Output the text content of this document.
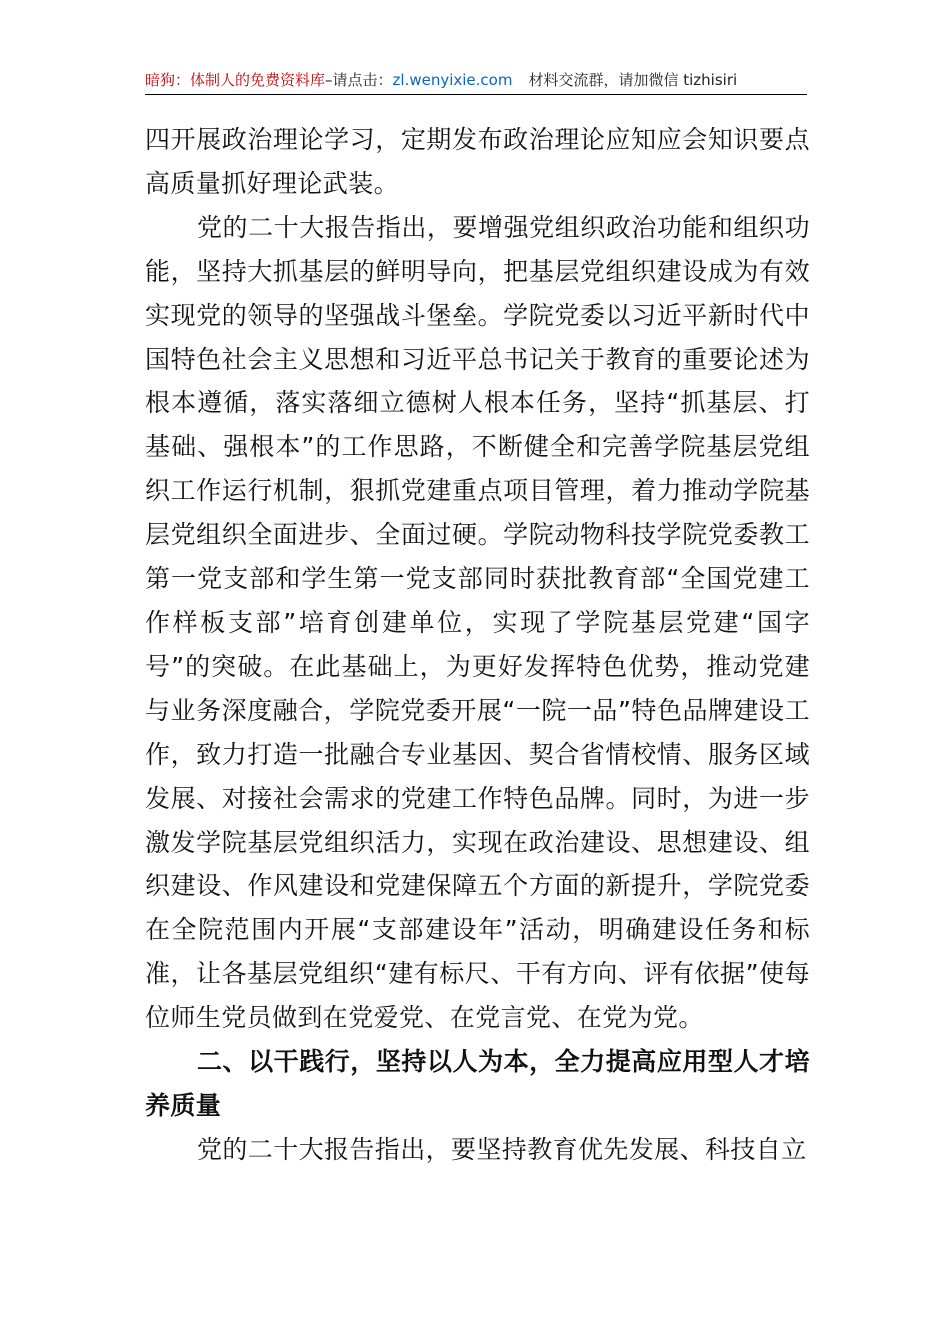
暗狗：体制人的免费资料库–请点击：zl.wenyixie.com 材料交流群，请加微信 tizhisiri

四开展政治理论学习，定期发布政治理论应知应会知识要点高质量抓好理论武装。

党的二十大报告指出，要增强党组织政治功能和组织功能，坚持大抓基层的鲜明导向，把基层党组织建设成为有效实现党的领导的坚强战斗堡垒。学院党委以习近平新时代中国特色社会主义思想和习近平总书记关于教育的重要论述为根本遵循，落实落细立德树人根本任务，坚持“抓基层、打基础、强根本”的工作思路，不断健全和完善学院基层党组织工作运行机制，狠抓党建重点项目管理，着力推动学院基层党组织全面进步、全面过硬。学院动物科技学院党委教工第一党支部和学生第一党支部同时获批教育部“全国党建工作样板支部”培育创建单位，实现了学院基层党建“国字号”的突破。在此基础上，为更好发挥特色优势，推动党建与业务深度融合，学院党委开展“一院一品”特色品牌建设工作，致力打造一批融合专业基因、契合省情校情、服务区域发展、对接社会需求的党建工作特色品牌。同时，为进一步激发学院基层党组织活力，实现在政治建设、思想建设、组织建设、作风建设和党建保障五个方面的新提升，学院党委在全院范围内开展“支部建设年”活动，明确建设任务和标准，让各基层党组织“建有标尺、干有方向、评有依据”使每位师生党员做到在党爱党、在党言党、在党为党。

二、以干践行，坚持以人为本，全力提高应用型人才培养质量

党的二十大报告指出，要坚持教育优先发展、科技自立
